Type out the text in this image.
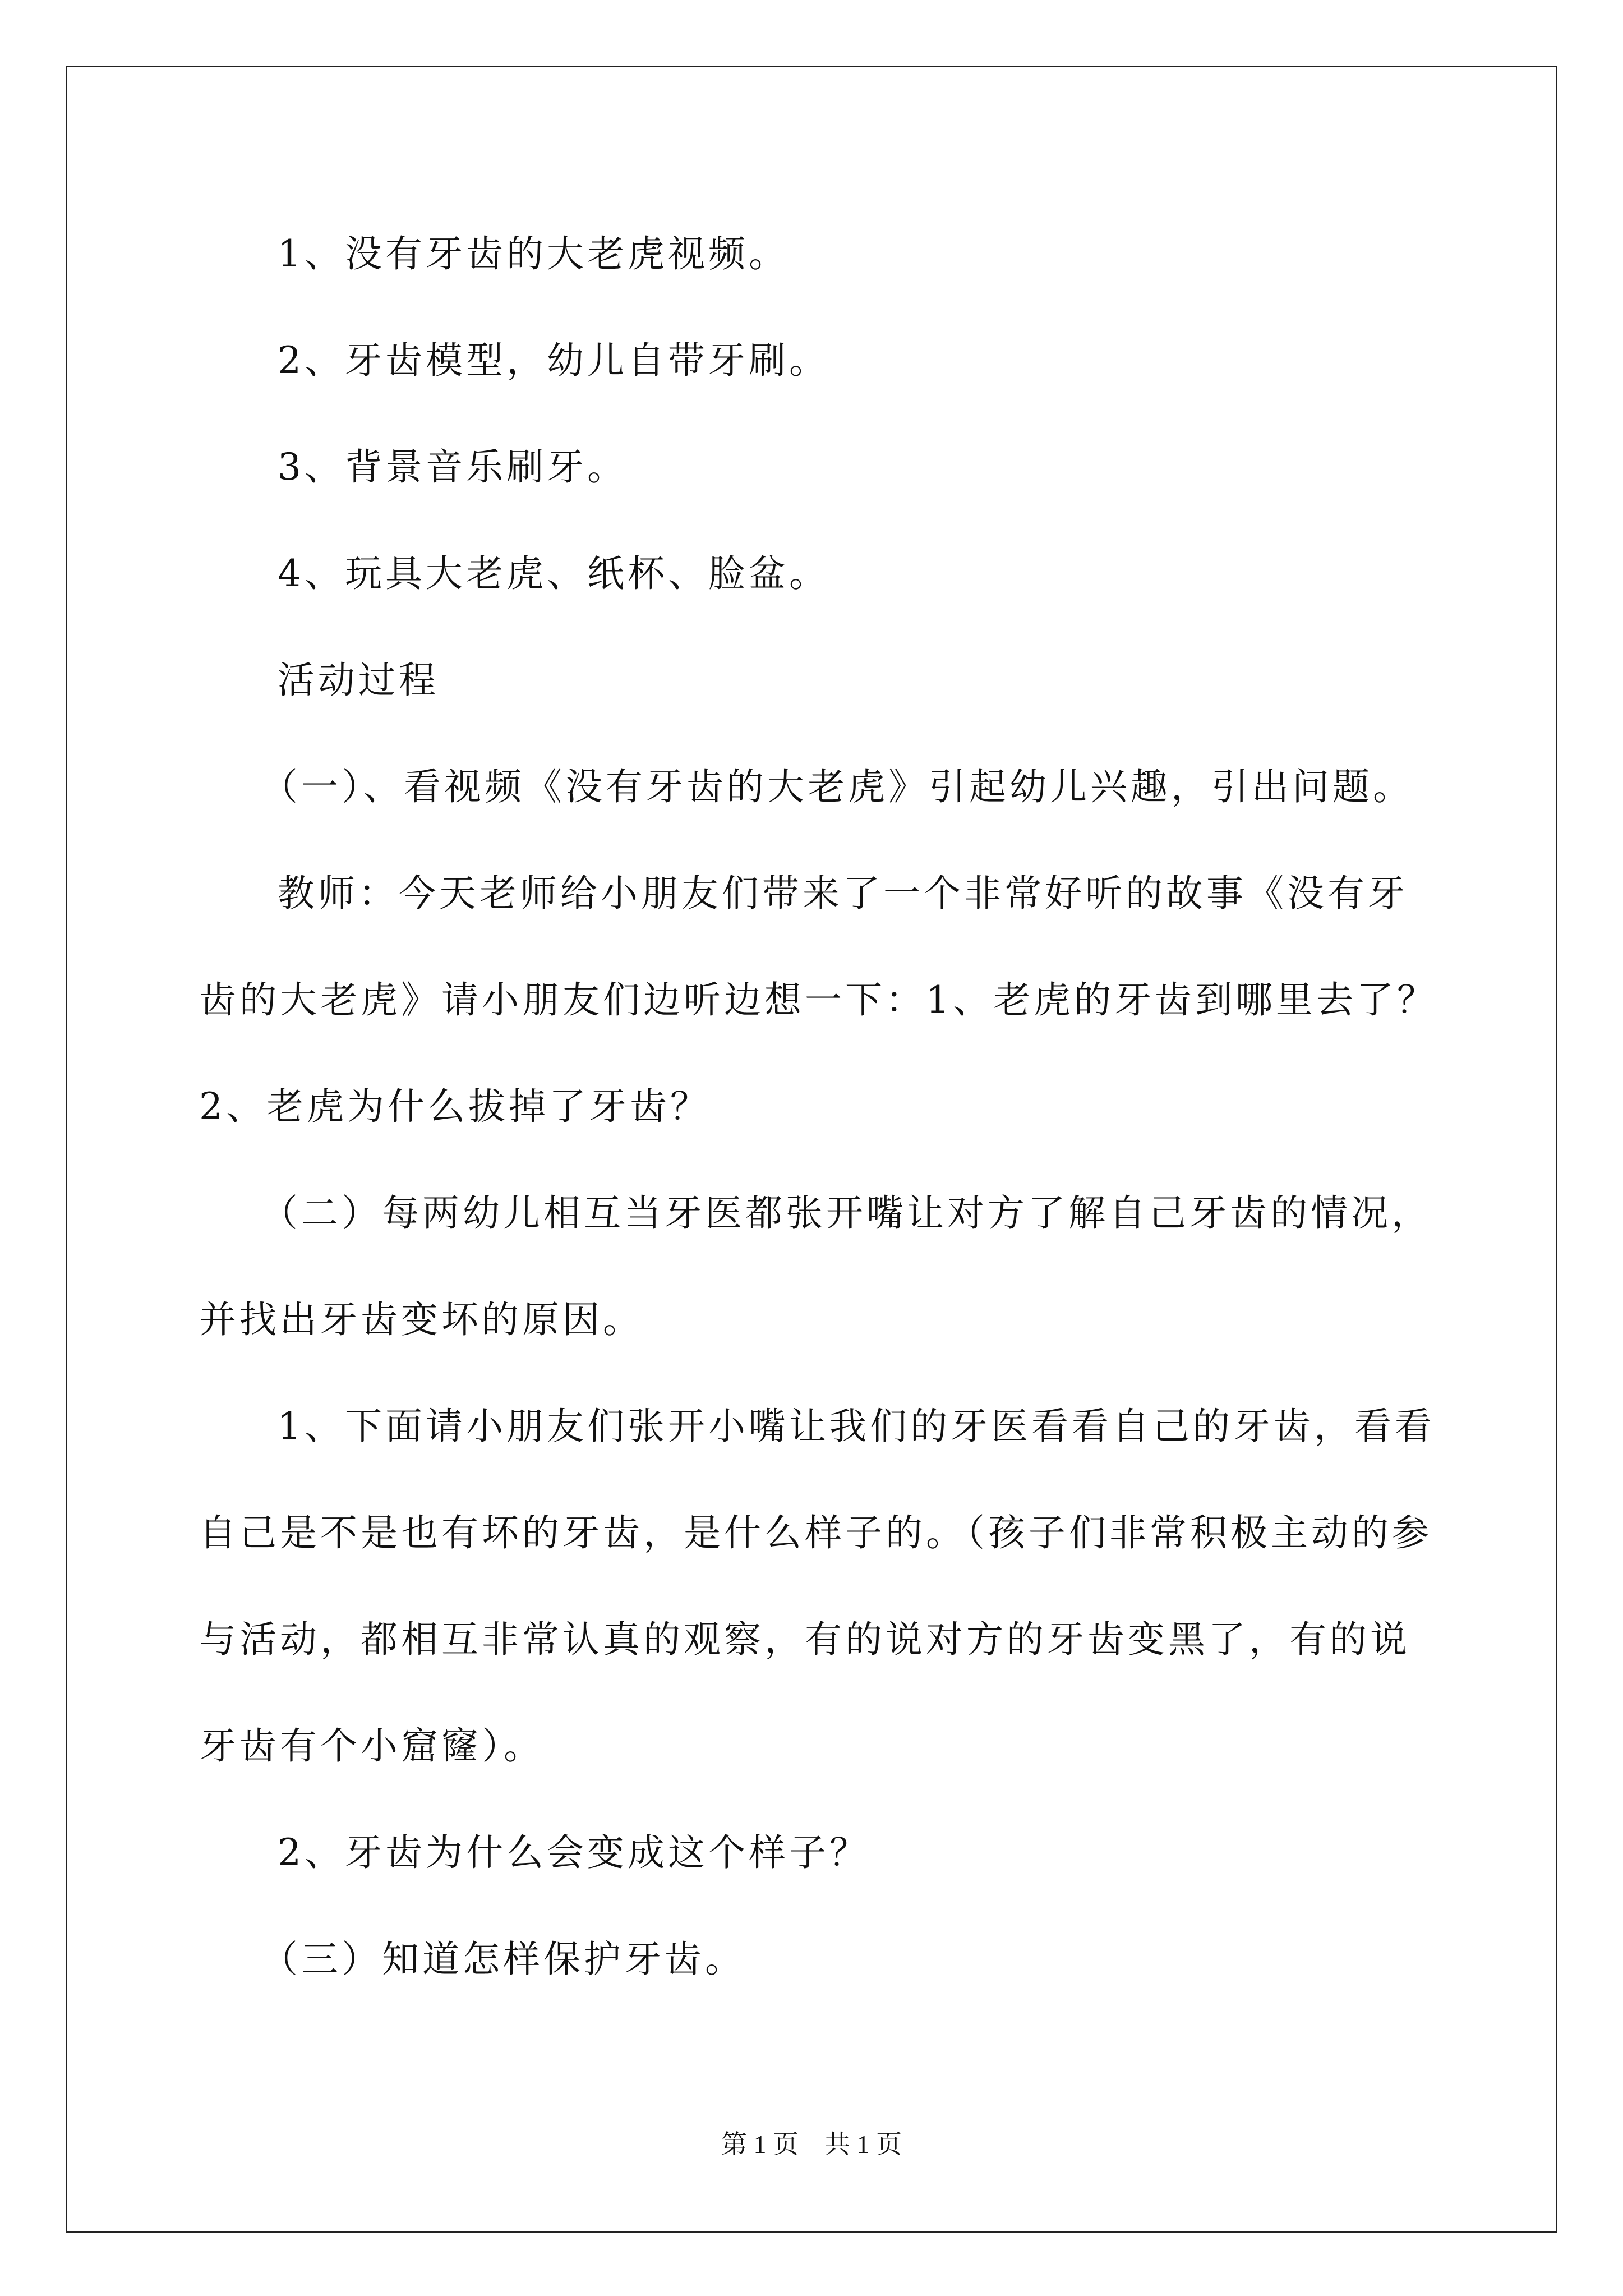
1、没有牙齿的大老虎视频。
2、牙齿模型，幼儿自带牙刷。
3、背景音乐刷牙。
4、玩具大老虎、纸杯、脸盆。
活动过程
（一）、看视频《没有牙齿的大老虎》引起幼儿兴趣，引出问题。
教师：今天老师给小朋友们带来了一个非常好听的故事《没有牙
齿的大老虎》请小朋友们边听边想一下：1、老虎的牙齿到哪里去了？
2、老虎为什么拔掉了牙齿？
（二）每两幼儿相互当牙医都张开嘴让对方了解自己牙齿的情况，
并找出牙齿变坏的原因。
1、下面请小朋友们张开小嘴让我们的牙医看看自己的牙齿，看看
自己是不是也有坏的牙齿，是什么样子的。（孩子们非常积极主动的参
与活动，都相互非常认真的观察，有的说对方的牙齿变黑了，有的说
牙齿有个小窟窿）。
2、牙齿为什么会变成这个样子？
（三）知道怎样保护牙齿。
第 1 页　共 1 页
